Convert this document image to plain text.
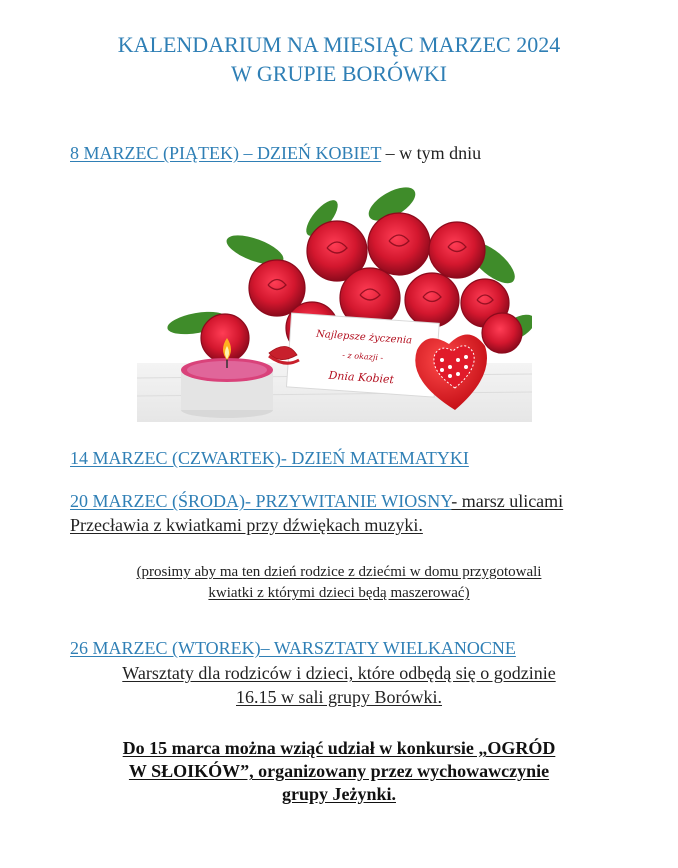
KALENDARIUM NA MIESIĄC MARZEC 2024
W GRUPIE BORÓWKI
8 MARZEC (PIĄTEK) – DZIEŃ KOBIET – w tym dniu
Najlepsze życzenia
- z okazji -
Dnia Kobiet
14 MARZEC (CZWARTEK)- DZIEŃ MATEMATYKI
20 MARZEC (ŚRODA)- PRZYWITANIE WIOSNY- marsz ulicami Przecławia z kwiatkami przy dźwiękach muzyki.
(prosimy aby ma ten dzień rodzice z dziećmi w domu przygotowali
kwiatki z którymi dzieci będą maszerować)
26 MARZEC (WTOREK)– WARSZTATY WIELKANOCNE
Warsztaty dla rodziców i dzieci, które odbędą się o godzinie
16.15 w sali grupy Borówki.
Do 15 marca można wziąć udział w konkursie „OGRÓD
W SŁOIKÓW”, organizowany przez wychowawczynie
grupy Jeżynki.
